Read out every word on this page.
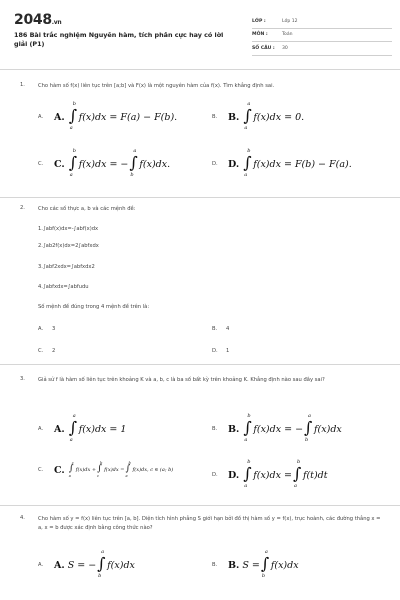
2048.vn
186 Bài trắc nghiệm Nguyên hàm, tích phân cực hay có lời giải (P1)
LỚP :	Lớp 12
MÔN :	Toán
SỐ CÂU :	30
1.	Cho hàm số f(x) liên tục trên [a;b] và F(x) là một nguyên hàm của f(x). Tìm khẳng định sai.
A.	A.
b
∫
a
f(x)dx = F(a) − F(b).	B.	B.
a
∫
a
f(x)dx = 0.
C.	C.
b
∫
a
f(x)dx = −
a
∫
b
f(x)dx.	D.	D.
b
∫
a
f(x)dx = F(b) − F(a).
2.	Cho các số thực a, b và các mệnh đề:
1.∫abf(x)dx=-∫abf(x)dx
2.∫ab2f(x)dx=2∫abfxdx
3.∫abf2xdx=∫abfxdx2
4.∫abfxdx=∫abfudu
Số mệnh đề đúng trong 4 mệnh đề trên là:
A. 3	B. 4
C. 2	D. 1
3.	Giả sử f là hàm số liên tục trên khoảng K và a, b, c là ba số bất kỳ trên khoảng K. Khẳng định nào sau đây sai?
A.	A.
a
∫
a
f(x)dx = 1	B.	B.
b
∫
a
f(x)dx = −
a
∫
b
f(x)dx
C.	C.
c
∫
a
f(x)dx +
b
∫
c
f(x)dx =
b
∫
a
f(x)dx, c ∈ (a; b)
D.	D.
b
∫
a
f(x)dx =
b
∫
a
f(t)dt
4.	Cho hàm số y = f(x) liên tục trên [a, b]. Diện tích hình phẳng S giới hạn bởi đồ thị hàm số y = f(x), trục hoành, các đường thẳng x = a, x = b được xác định bằng công thức nào?
A.	A. S = −
a
∫
b
f(x)dx	B.	B. S =
a
∫
b
f(x)dx
